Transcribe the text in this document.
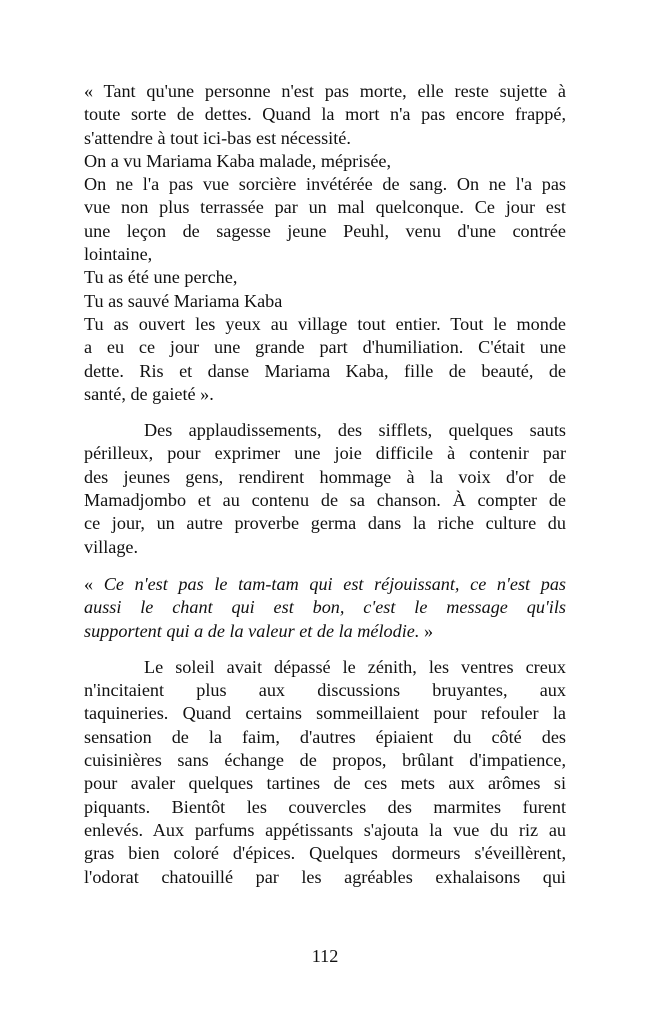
« Tant qu'une personne n'est pas morte, elle reste sujette à
toute sorte de dettes. Quand la mort n'a pas encore frappé,
s'attendre à tout ici-bas est nécessité.
On a vu Mariama Kaba malade, méprisée,
On ne l'a pas vue sorcière invétérée de sang. On ne l'a pas
vue non plus terrassée par un mal quelconque. Ce jour est
une leçon de sagesse jeune Peuhl, venu d'une contrée
lointaine,
Tu as été une perche,
Tu as sauvé Mariama Kaba
Tu as ouvert les yeux au village tout entier. Tout le monde
a eu ce jour une grande part d'humiliation. C'était une
dette. Ris et danse Mariama Kaba, fille de beauté, de
santé, de gaieté ».

Des applaudissements, des sifflets, quelques sauts
périlleux, pour exprimer une joie difficile à contenir par
des jeunes gens, rendirent hommage à la voix d'or de
Mamadjombo et au contenu de sa chanson. À compter de
ce jour, un autre proverbe germa dans la riche culture du
village.

« Ce n'est pas le tam-tam qui est réjouissant, ce n'est pas
aussi le chant qui est bon, c'est le message qu'ils
supportent qui a de la valeur et de la mélodie. »

Le soleil avait dépassé le zénith, les ventres creux
n'incitaient plus aux discussions bruyantes, aux
taquineries. Quand certains sommeillaient pour refouler la
sensation de la faim, d'autres épiaient du côté des
cuisinières sans échange de propos, brûlant d'impatience,
pour avaler quelques tartines de ces mets aux arômes si
piquants. Bientôt les couvercles des marmites furent
enlevés. Aux parfums appétissants s'ajouta la vue du riz au
gras bien coloré d'épices. Quelques dormeurs s'éveillèrent,
l'odorat chatouillé par les agréables exhalaisons qui

112
